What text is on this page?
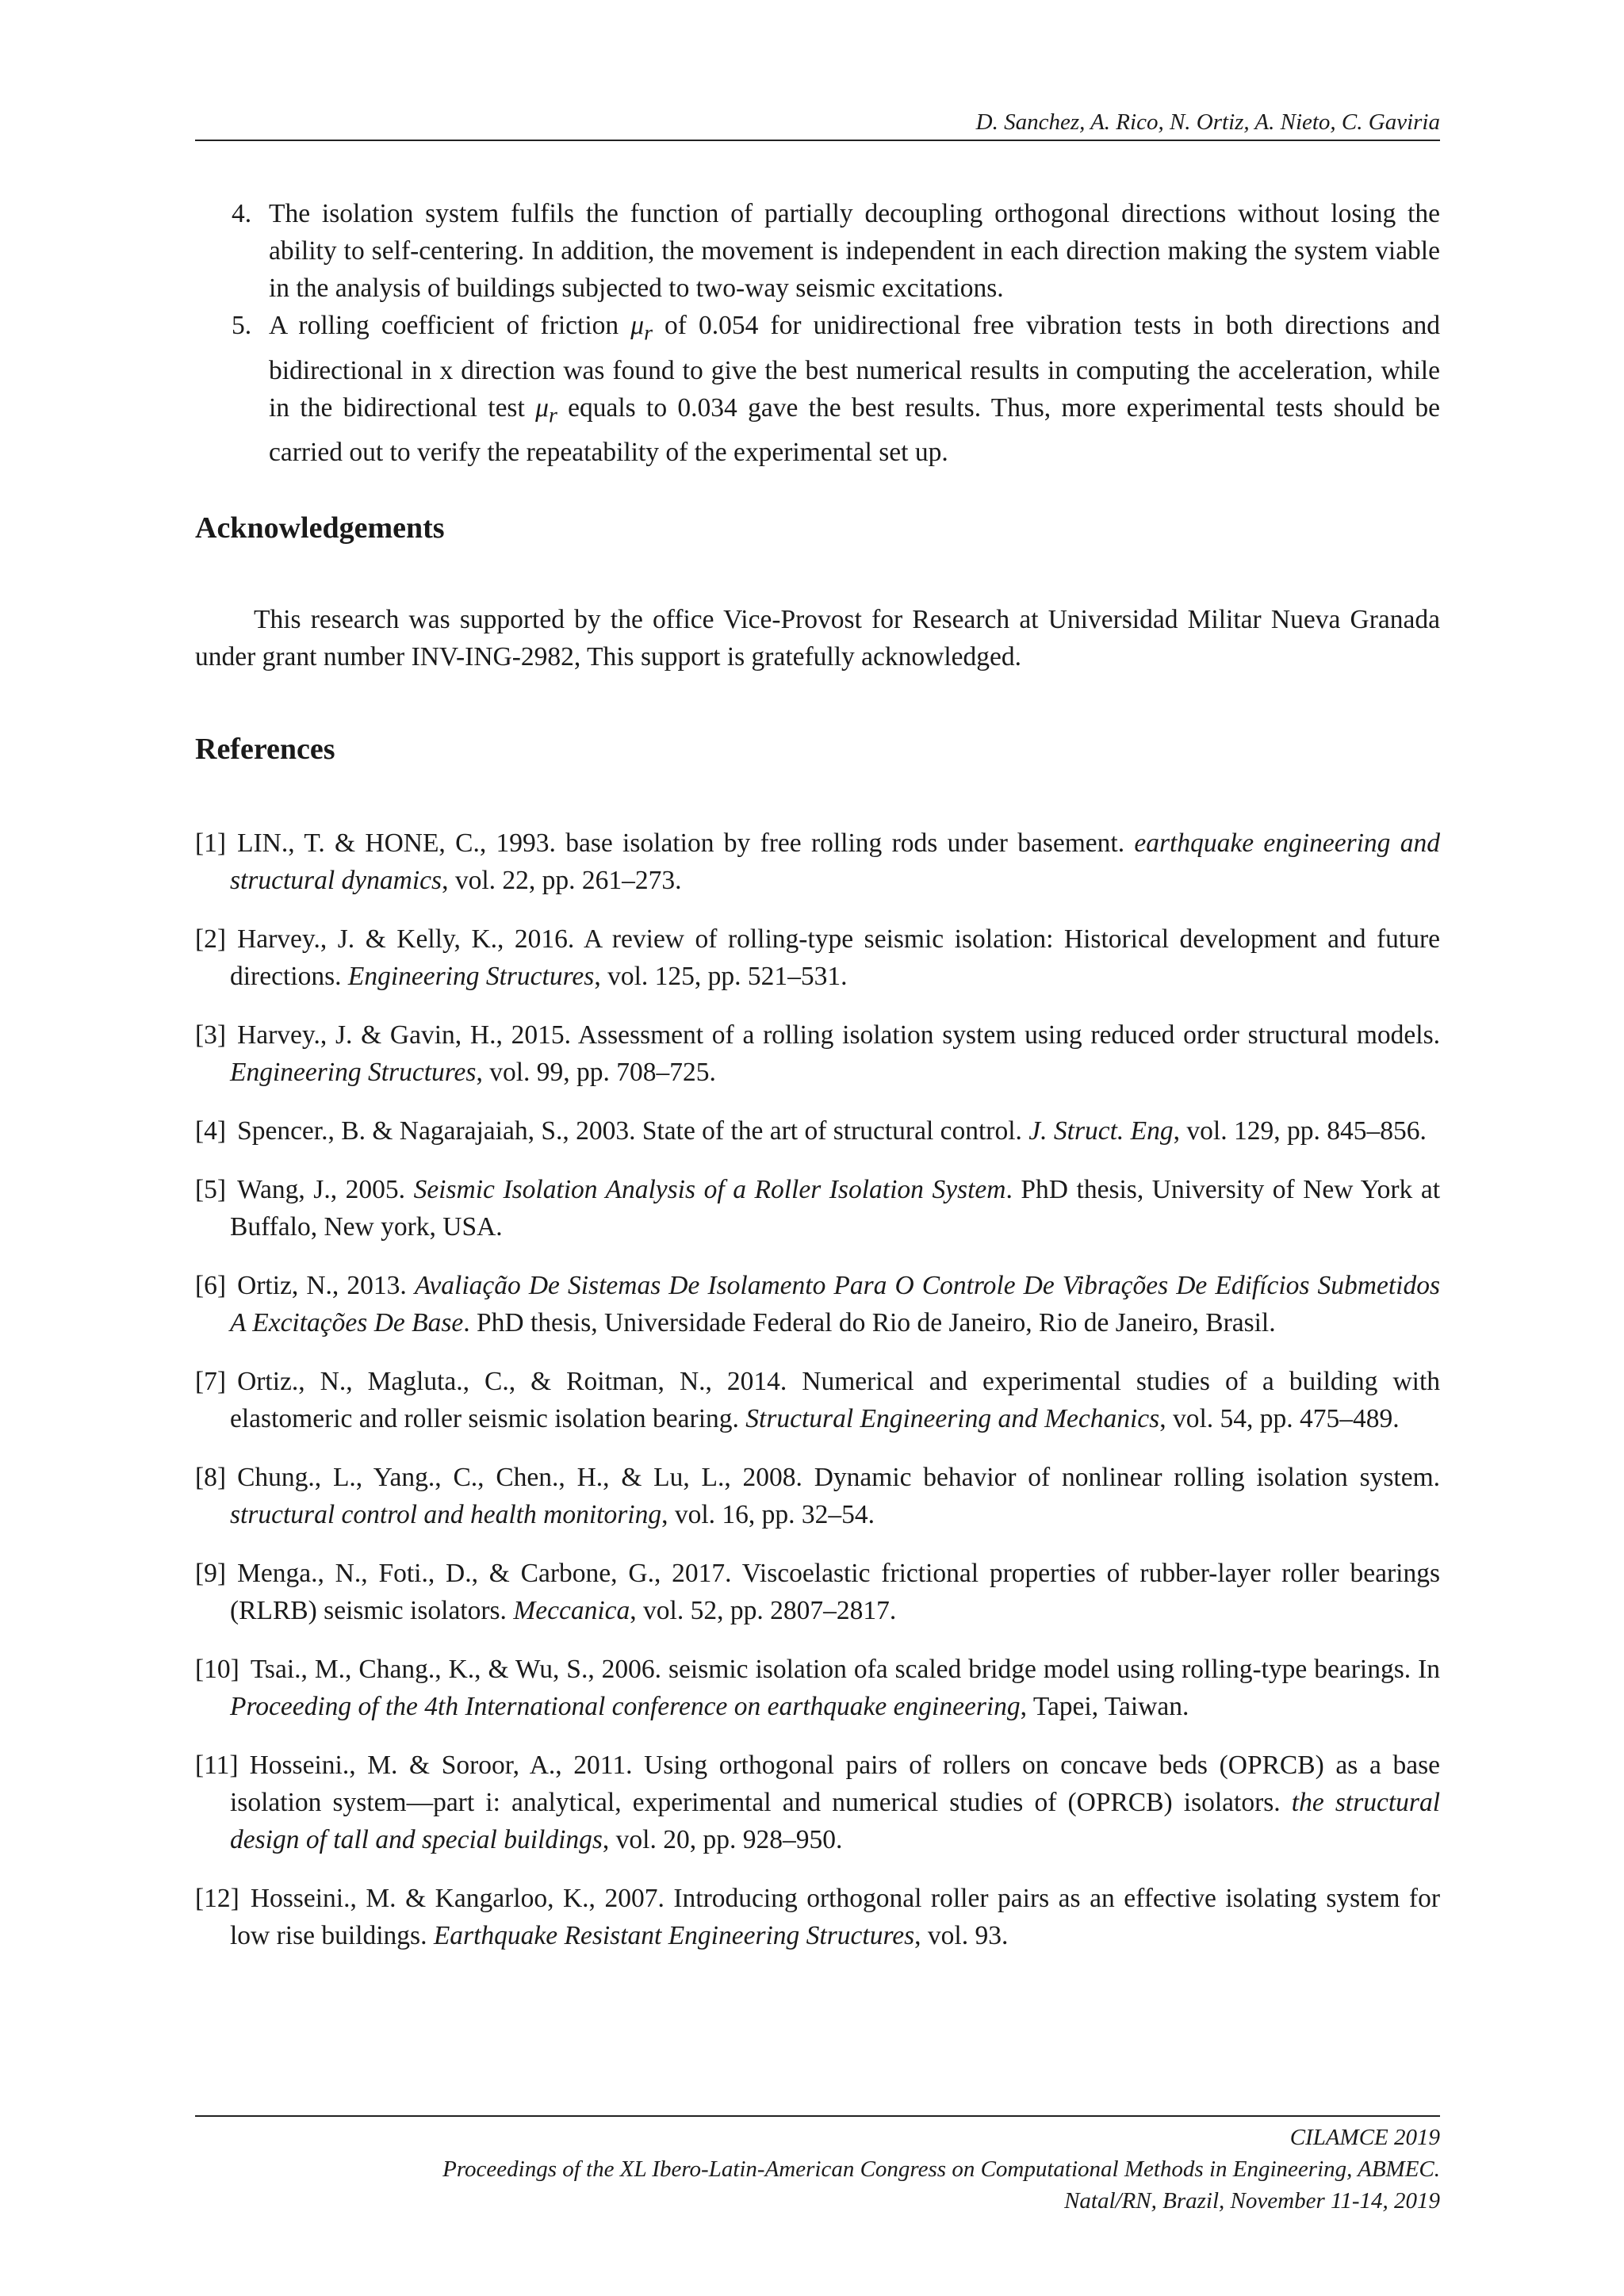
D. Sanchez, A. Rico, N. Ortiz, A. Nieto, C. Gaviria
4. The isolation system fulfils the function of partially decoupling orthogonal directions without losing the ability to self-centering. In addition, the movement is independent in each direction making the system viable in the analysis of buildings subjected to two-way seismic excitations.
5. A rolling coefficient of friction $\mu_r$ of 0.054 for unidirectional free vibration tests in both directions and bidirectional in x direction was found to give the best numerical results in computing the acceleration, while in the bidirectional test $\mu_r$ equals to 0.034 gave the best results. Thus, more experimental tests should be carried out to verify the repeatability of the experimental set up.
Acknowledgements
This research was supported by the office Vice-Provost for Research at Universidad Militar Nueva Granada under grant number INV-ING-2982, This support is gratefully acknowledged.
References
[1] LIN., T. & HONE, C., 1993. base isolation by free rolling rods under basement. earthquake engineering and structural dynamics, vol. 22, pp. 261–273.
[2] Harvey., J. & Kelly, K., 2016. A review of rolling-type seismic isolation: Historical development and future directions. Engineering Structures, vol. 125, pp. 521–531.
[3] Harvey., J. & Gavin, H., 2015. Assessment of a rolling isolation system using reduced order structural models. Engineering Structures, vol. 99, pp. 708–725.
[4] Spencer., B. & Nagarajaiah, S., 2003. State of the art of structural control. J. Struct. Eng, vol. 129, pp. 845–856.
[5] Wang, J., 2005. Seismic Isolation Analysis of a Roller Isolation System. PhD thesis, University of New York at Buffalo, New york, USA.
[6] Ortiz, N., 2013. Avaliação De Sistemas De Isolamento Para O Controle De Vibrações De Edifícios Submetidos A Excitações De Base. PhD thesis, Universidade Federal do Rio de Janeiro, Rio de Janeiro, Brasil.
[7] Ortiz., N., Magluta., C., & Roitman, N., 2014. Numerical and experimental studies of a building with elastomeric and roller seismic isolation bearing. Structural Engineering and Mechanics, vol. 54, pp. 475–489.
[8] Chung., L., Yang., C., Chen., H., & Lu, L., 2008. Dynamic behavior of nonlinear rolling isolation system. structural control and health monitoring, vol. 16, pp. 32–54.
[9] Menga., N., Foti., D., & Carbone, G., 2017. Viscoelastic frictional properties of rubber-layer roller bearings (RLRB) seismic isolators. Meccanica, vol. 52, pp. 2807–2817.
[10] Tsai., M., Chang., K., & Wu, S., 2006. seismic isolation ofa scaled bridge model using rolling-type bearings. In Proceeding of the 4th International conference on earthquake engineering, Tapei, Taiwan.
[11] Hosseini., M. & Soroor, A., 2011. Using orthogonal pairs of rollers on concave beds (OPRCB) as a base isolation system—part i: analytical, experimental and numerical studies of (OPRCB) isolators. the structural design of tall and special buildings, vol. 20, pp. 928–950.
[12] Hosseini., M. & Kangarloo, K., 2007. Introducing orthogonal roller pairs as an effective isolating system for low rise buildings. Earthquake Resistant Engineering Structures, vol. 93.
CILAMCE 2019
Proceedings of the XL Ibero-Latin-American Congress on Computational Methods in Engineering, ABMEC.
Natal/RN, Brazil, November 11-14, 2019
